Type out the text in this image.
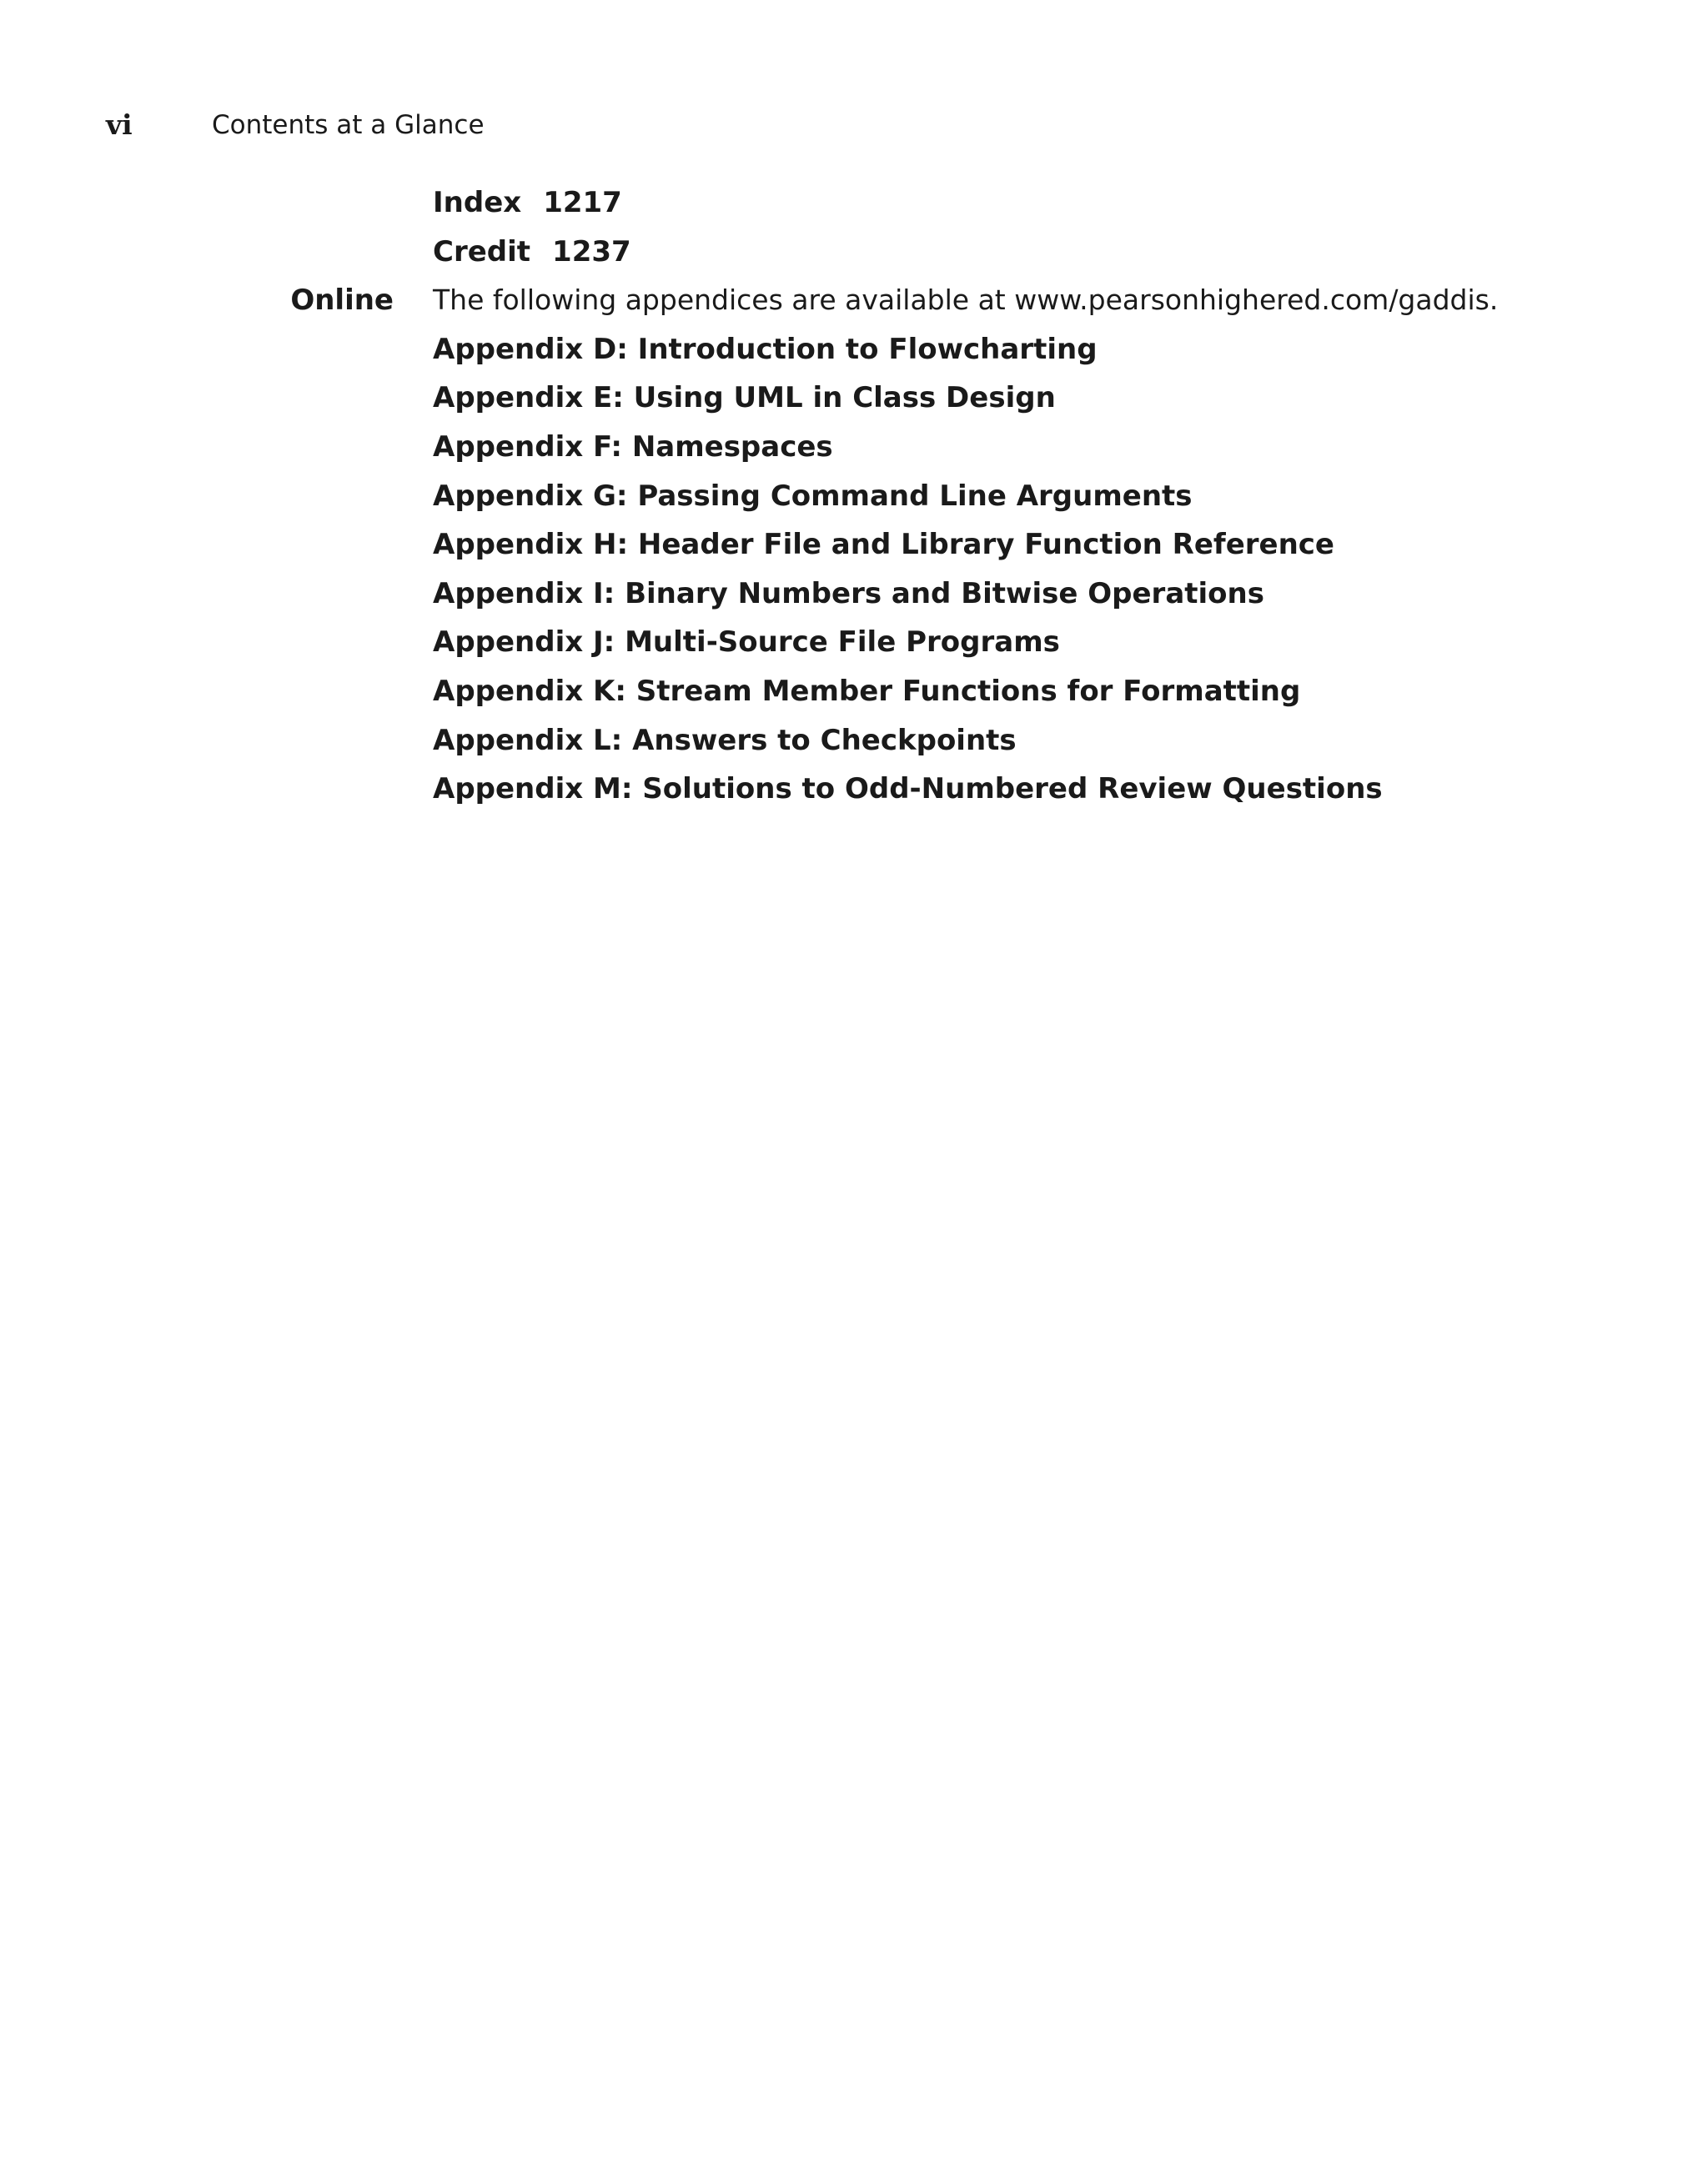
vi	Contents at a Glance
Index 1217
Credit 1237
Online The following appendices are available at www.pearsonhighered.com/gaddis.
Appendix D: Introduction to Flowcharting
Appendix E: Using UML in Class Design
Appendix F: Namespaces
Appendix G: Passing Command Line Arguments
Appendix H: Header File and Library Function Reference
Appendix I: Binary Numbers and Bitwise Operations
Appendix J: Multi-Source File Programs
Appendix K: Stream Member Functions for Formatting
Appendix L: Answers to Checkpoints
Appendix M: Solutions to Odd-Numbered Review Questions
